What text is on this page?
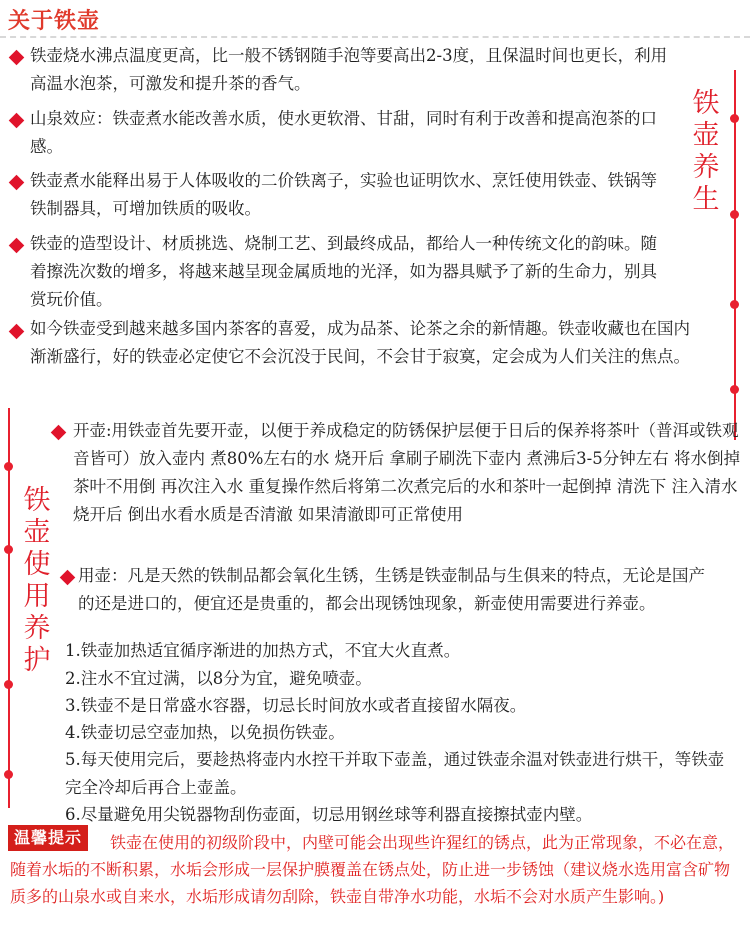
关于铁壶
铁壶烧水沸点温度更高，比一般不锈钢随手泡等要高出2-3度，且保温时间也更长，利用高温水泡茶，可激发和提升茶的香气。
山泉效应：铁壶煮水能改善水质，使水更软滑、甘甜，同时有利于改善和提高泡茶的口感。
铁壶煮水能释出易于人体吸收的二价铁离子，实验也证明饮水、烹饪使用铁壶、铁锅等铁制器具，可增加铁质的吸收。
铁壶的造型设计、材质挑选、烧制工艺、到最终成品，都给人一种传统文化的韵味。随着擦洗次数的增多，将越来越呈现金属质地的光泽，如为器具赋予了新的生命力，别具赏玩价值。
如今铁壶受到越来越多国内茶客的喜爱，成为品茶、论茶之余的新情趣。铁壶收藏也在国内渐渐盛行，好的铁壶必定使它不会沉没于民间，不会甘于寂寞，定会成为人们关注的焦点。
铁壶养生
铁壶使用养护
开壶:用铁壶首先要开壶，以便于养成稳定的防锈保护层便于日后的保养将茶叶（普洱或铁观音皆可）放入壶内 煮80%左右的水 烧开后 拿刷子刷洗下壶内 煮沸后3-5分钟左右 将水倒掉 茶叶不用倒 再次注入水 重复操作然后将第二次煮完后的水和茶叶一起倒掉 清洗下 注入清水 烧开后 倒出水看水质是否清澈 如果清澈即可正常使用
用壶：凡是天然的铁制品都会氧化生锈，生锈是铁壶制品与生俱来的特点，无论是国产的还是进口的，便宜还是贵重的，都会出现锈蚀现象，新壶使用需要进行养壶。
1.铁壶加热适宜循序渐进的加热方式，不宜大火直煮。
2.注水不宜过满，以8分为宜，避免喷壶。
3.铁壶不是日常盛水容器，切忌长时间放水或者直接留水隔夜。
4.铁壶切忌空壶加热，以免损伤铁壶。
5.每天使用完后，要趁热将壶内水控干并取下壶盖，通过铁壶余温对铁壶进行烘干，等铁壶完全冷却后再合上壶盖。
6.尽量避免用尖锐器物刮伤壶面，切忌用钢丝球等利器直接擦拭壶内壁。
温馨提示	铁壶在使用的初级阶段中，内壁可能会出现些许猩红的锈点，此为正常现象，不必在意，随着水垢的不断积累，水垢会形成一层保护膜覆盖在锈点处，防止进一步锈蚀（建议烧水选用富含矿物质多的山泉水或自来水，水垢形成请勿刮除，铁壶自带净水功能，水垢不会对水质产生影响。)
